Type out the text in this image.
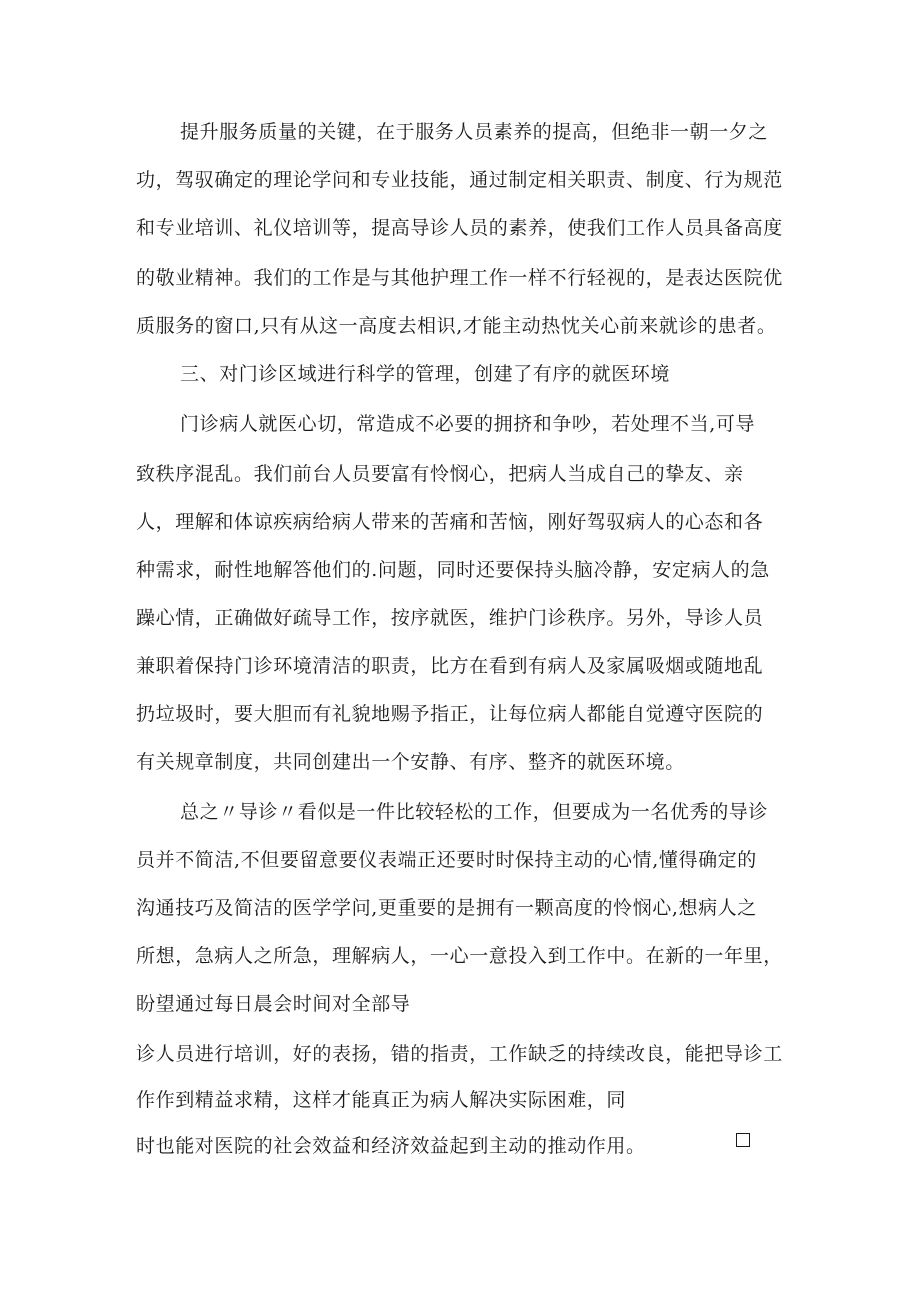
提升服务质量的关键，在于服务人员素养的提高，但绝非一朝一夕之
功，驾驭确定的理论学问和专业技能，通过制定相关职责、制度、行为规范
和专业培训、礼仪培训等，提高导诊人员的素养，使我们工作人员具备高度
的敬业精神。我们的工作是与其他护理工作一样不行轻视的，是表达医院优
质服务的窗口,只有从这一高度去相识,才能主动热忱关心前来就诊的患者。
三、对门诊区域进行科学的管理，创建了有序的就医环境
门诊病人就医心切，常造成不必要的拥挤和争吵，若处理不当,可导
致秩序混乱。我们前台人员要富有怜悯心，把病人当成自己的挚友、亲
人，理解和体谅疾病给病人带来的苦痛和苦恼，刚好驾驭病人的心态和各
种需求，耐性地解答他们的.问题，同时还要保持头脑冷静，安定病人的急
躁心情，正确做好疏导工作，按序就医，维护门诊秩序。另外，导诊人员
兼职着保持门诊环境清洁的职责，比方在看到有病人及家属吸烟或随地乱
扔垃圾时，要大胆而有礼貌地赐予指正，让每位病人都能自觉遵守医院的
有关规章制度，共同创建出一个安静、有序、整齐的就医环境。
总之〃导诊〃看似是一件比较轻松的工作，但要成为一名优秀的导诊
员并不简洁,不但要留意要仪表端正还要时时保持主动的心情,懂得确定的
沟通技巧及简洁的医学学问,更重要的是拥有一颗高度的怜悯心,想病人之
所想，急病人之所急，理解病人，一心一意投入到工作中。在新的一年里，
盼望通过每日晨会时间对全部导
诊人员进行培训，好的表扬，错的指责，工作缺乏的持续改良，能把导诊工
作作到精益求精，这样才能真正为病人解决实际困难，同
时也能对医院的社会效益和经济效益起到主动的推动作用。
